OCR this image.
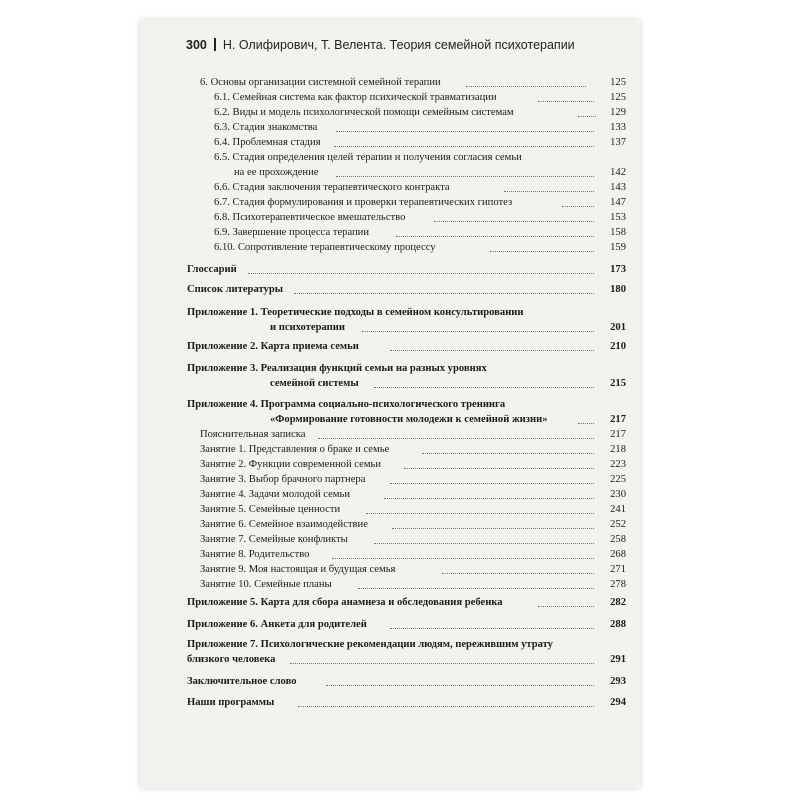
300 Н. Олифирович, Т. Велента. Теория семейной психотерапии
6. Основы организации системной семейной терапии	125
6.1. Семейная система как фактор психической травматизации	125
6.2. Виды и модель психологической помощи семейным системам	129
6.3. Стадия знакомства	133
6.4. Проблемная стадия	137
6.5. Стадия определения целей терапии и получения согласия семьи
на ее прохождение	142
6.6. Стадия заключения терапевтического контракта	143
6.7. Стадия формулирования и проверки терапевтических гипотез	147
6.8. Психотерапевтическое вмешательство	153
6.9. Завершение процесса терапии	158
6.10. Сопротивление терапевтическому процессу	159
Глоссарий	173
Список литературы	180
Приложение 1. Теоретические подходы в семейном консультировании
и психотерапии	201
Приложение 2. Карта приема семьи	210
Приложение 3. Реализация функций семьи на разных уровнях
семейной системы	215
Приложение 4. Программа социально-психологического тренинга
«Формирование готовности молодежи к семейной жизни»	217
Пояснительная записка	217
Занятие 1. Представления о браке и семье	218
Занятие 2. Функции современной семьи	223
Занятие 3. Выбор брачного партнера	225
Занятие 4. Задачи молодой семьи	230
Занятие 5. Семейные ценности	241
Занятие 6. Семейное взаимодействие	252
Занятие 7. Семейные конфликты	258
Занятие 8. Родительство	268
Занятие 9. Моя настоящая и будущая семья	271
Занятие 10. Семейные планы	278
Приложение 5. Карта для сбора анамнеза и обследования ребенка	282
Приложение 6. Анкета для родителей	288
Приложение 7. Психологические рекомендации людям, пережившим утрату
близкого человека	291
Заключительное слово	293
Наши программы	294
